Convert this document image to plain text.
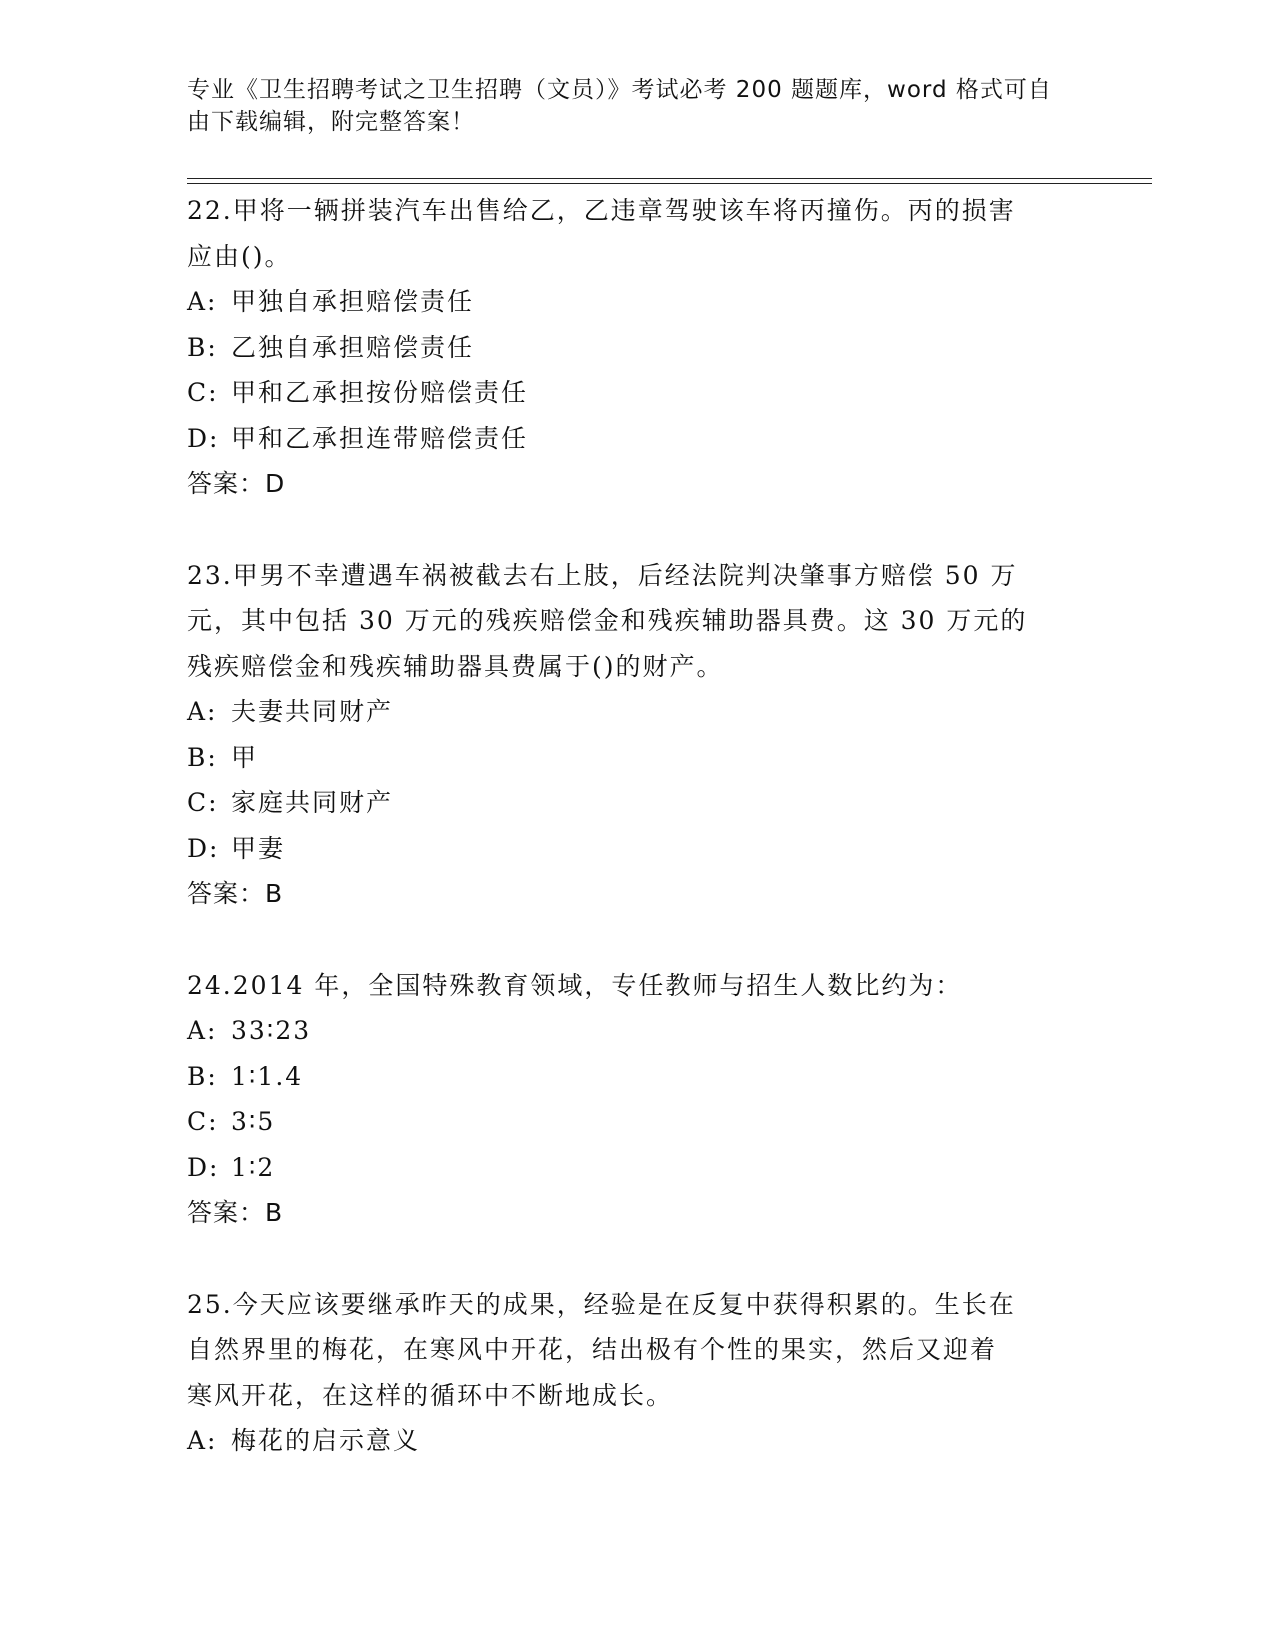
专业《卫生招聘考试之卫生招聘（文员）》考试必考 200 题题库，word 格式可自
由下载编辑，附完整答案！

22.甲将一辆拼装汽车出售给乙，乙违章驾驶该车将丙撞伤。丙的损害
应由()。

A: 甲独自承担赔偿责任

B: 乙独自承担赔偿责任

C: 甲和乙承担按份赔偿责任

D: 甲和乙承担连带赔偿责任

答案：D

23.甲男不幸遭遇车祸被截去右上肢，后经法院判决肇事方赔偿 50 万
元，其中包括 30 万元的残疾赔偿金和残疾辅助器具费。这 30 万元的
残疾赔偿金和残疾辅助器具费属于()的财产。

A: 夫妻共同财产

B: 甲

C: 家庭共同财产

D: 甲妻

答案：B

24.2014 年，全国特殊教育领域，专任教师与招生人数比约为：

A: 33∶23

B: 1∶1.4

C: 3∶5

D: 1∶2

答案：B

25.今天应该要继承昨天的成果，经验是在反复中获得积累的。生长在
自然界里的梅花，在寒风中开花，结出极有个性的果实，然后又迎着
寒风开花，在这样的循环中不断地成长。

A: 梅花的启示意义
